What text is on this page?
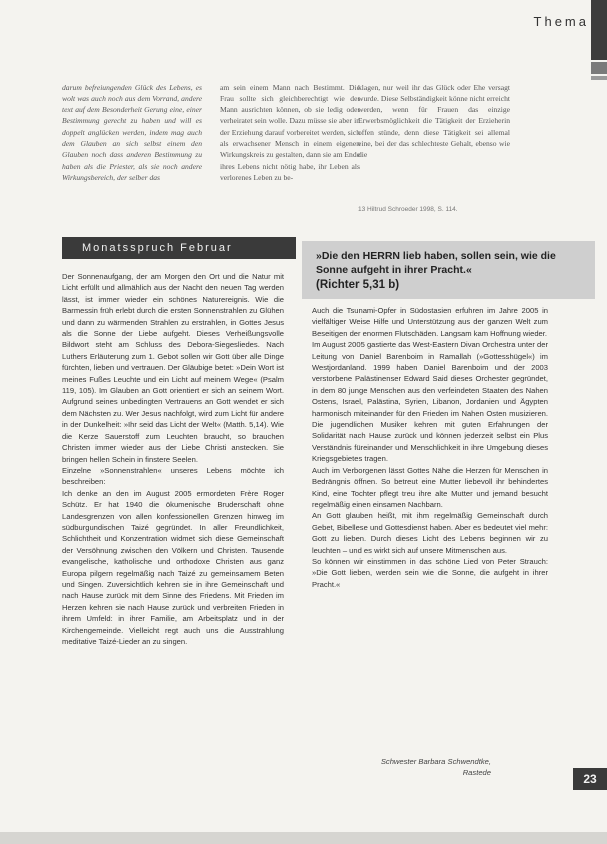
Thema

darum befreiungenden Glück des Lebens, es wolt was auch noch aus dem Vorrand, andere text auf dem Besonderheit Gerung eine, einer Bestimmung gerecht zu haben und will es doppelt anglücken werden, indem mag auch dem Glauben an sich selbst einem den Glauben noch dass anderen Bestimmung zu haben als die Priester, als sie noch andere Wirkungsbereich, der selber das

am sein einem Mann nach Bestimmt. Die Frau sollte sich gleichberechtigt wie der Mann ausrichten können, ob sie ledig oder verheiratet sein wolle. Dazu müsse sie aber in der Erziehung darauf vorbereitet werden, sich als erwachsener Mensch in einem eigenen Wirkungskreis zu gestalten, dann sie am Ende ihres Lebens nicht nötig habe, ihr Leben als verlorenes Leben zu be-

klagen, nur weil ihr das Glück oder Ehe versagt wurde. Diese Selbständigkeit könne nicht erreicht werden, wenn für Frauen das einzige Erwerbsmöglichkeit die Tätigkeit der Erzieherin offen stünde, denn diese Tätigkeit sei allemal eine, bei der das schlechteste Gehalt, ebenso wie die

13 Hiltrud Schroeder 1998, S. 114.
Monatsspruch Februar
»Die den HERRN lieb haben, sollen sein, wie die Sonne aufgeht in ihrer Pracht.«
(Richter 5,31 b)

Der Sonnenaufgang, der am Morgen den Ort und die Natur mit Licht erfüllt und allmählich aus der Nacht den neuen Tag werden lässt, ist immer wieder ein schönes Naturereignis. Wie die Barmessin früh erlebt durch die ersten Sonnenstrahlen zu Glühen und dann zu wärmenden Strahlen zu erstrahlen, in Gottes Jesus als die Sonne der Liebe aufgeht. Dieses Verheißungsvolle Bildwort steht am Schluss des Debora-Siegesliedes. Nach Luthers Erläuterung zum 1. Gebot sollen wir Gott über alle Dinge fürchten, lieben und vertrauen. Der Gläubige betet: »Dein Wort ist meines Fußes Leuchte und ein Licht auf meinem Wege« (Psalm 119, 105). Im Glauben an Gott orientiert er sich an seinem Wort. Aufgrund seines unbedingten Vertrauens an Gott wendet er sich dem Nächsten zu. Wer Jesus nachfolgt, wird zum Licht für andere in der Dunkelheit: »Ihr seid das Licht der Welt« (Matth. 5,14). Wie die Kerze Sauerstoff zum Leuchten braucht, so brauchen Christen immer wieder aus der Liebe Christi anstecken. Sie bringen hellen Schein in finstere Seelen.

Einzelne »Sonnenstrahlen« unseres Lebens möchte ich beschreiben:

Ich denke an den im August 2005 ermordeten Frère Roger Schütz. Er hat 1940 die ökumenische Bruderschaft ohne Landesgrenzen von allen konfessionellen Grenzen hinweg im südburgundischen Taizé gegründet. In aller Freundlichkeit, Schlichtheit und Konzentration widmet sich diese Gemeinschaft der Versöhnung zwischen den Völkern und Christen. Tausende evangelische, katholische und orthodoxe Christen aus ganz Europa pilgern regelmäßig nach Taizé zu gemeinsamem Beten und Singen. Zuversichtlich kehren sie in ihre Gemeinschaft und nach Hause zurück mit dem Sinne des Friedens. Mit Frieden im Herzen kehren sie nach Hause zurück und verbreiten Frieden in ihrem Umfeld: in ihrer Familie, am Arbeitsplatz und in der Kirchengemeinde. Vielleicht regt auch uns die Ausstrahlung meditative Taizé-Lieder an zu singen.

Auch die Tsunami-Opfer in Südostasien erfuhren im Jahre 2005 in vielfältiger Weise Hilfe und Unterstützung aus der ganzen Welt zum Beseitigen der enormen Flutschäden. Langsam kam Hoffnung wieder.

Im August 2005 gastierte das West-Eastern Divan Orchestra unter der Leitung von Daniel Barenboim in Ramallah (»Gottesshügel«) im Westjordanland. 1999 haben Daniel Barenboim und der 2003 verstorbene Palästinenser Edward Said dieses Orchester gegründet, in dem 80 junge Menschen aus den verfeindeten Staaten des Nahen Ostens, Israel, Palästina, Syrien, Libanon, Jordanien und Ägypten harmonisch miteinander für den Frieden im Nahen Osten musizieren. Die jugendlichen Musiker kehren mit guten Erfahrungen der Solidarität nach Hause zurück und können jederzeit selbst ein Plus Verständnis füreinander und Menschlichkeit in ihre Umgebung dieses Kriegsgebietes tragen.

Auch im Verborgenen lässt Gottes Nähe die Herzen für Menschen in Bedrängnis öffnen. So betreut eine Mutter liebevoll ihr behindertes Kind, eine Tochter pflegt treu ihre alte Mutter und jemand besucht regelmäßig einen einsamen Nachbarn.

An Gott glauben heißt, mit ihm regelmäßig Gemeinschaft durch Gebet, Bibellese und Gottesdienst haben. Aber es bedeutet viel mehr: Gott zu lieben. Durch dieses Licht des Lebens beginnen wir zu leuchten – und es wirkt sich auf unsere Mitmenschen aus.

So können wir einstimmen in das schöne Lied von Peter Strauch: »Die Gott lieben, werden sein wie die Sonne, die aufgeht in ihrer Pracht.«

Schwester Barbara Schwendtke,
Rastede	23
